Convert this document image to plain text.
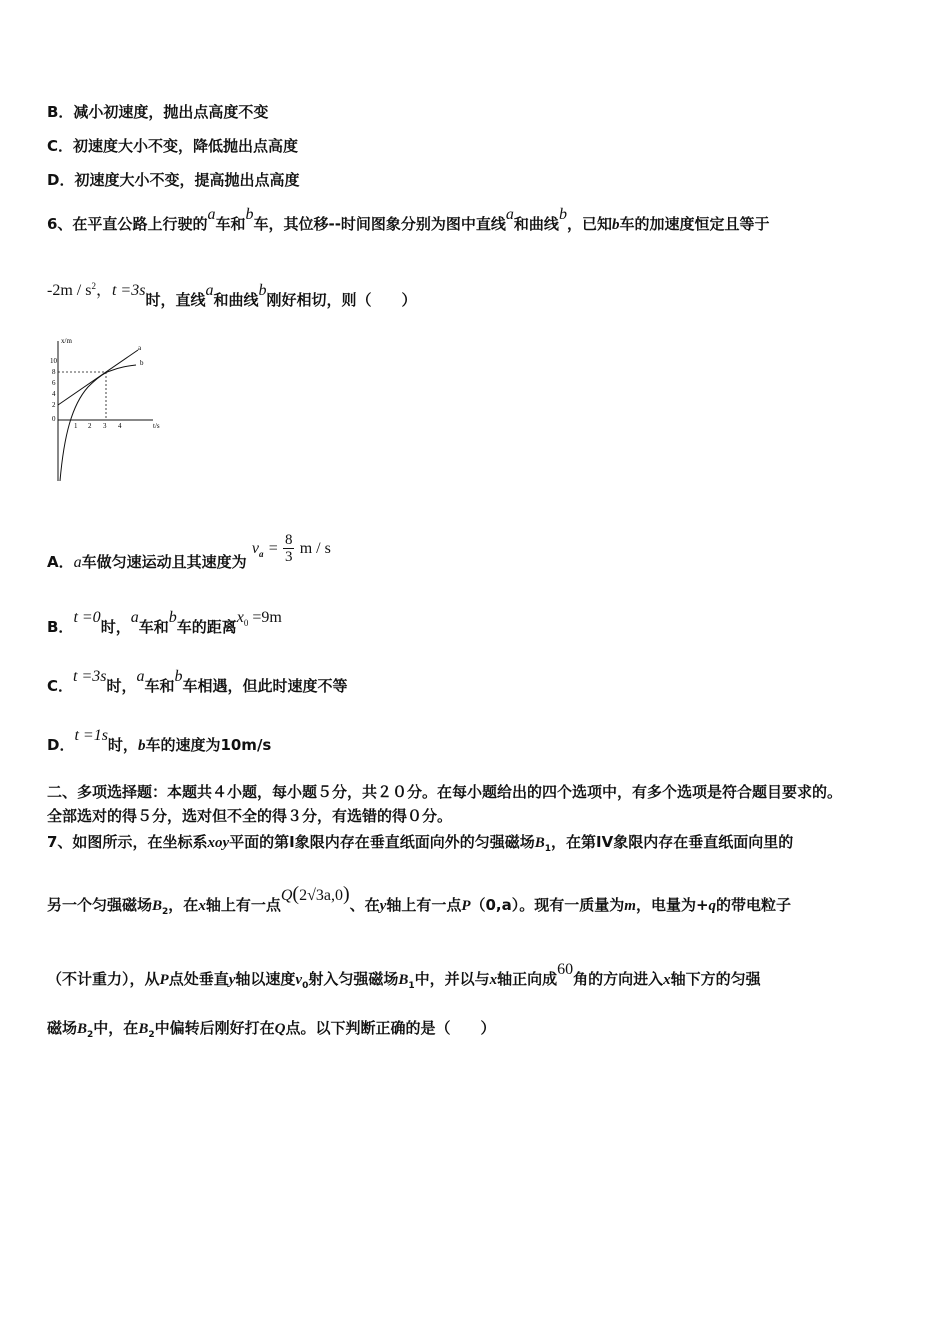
B．减小初速度，抛出点高度不变
C．初速度大小不变，降低抛出点高度
D．初速度大小不变，提高抛出点高度
6、在平直公路上行驶的a车和b车，其位移--时间图象分别为图中直线a和曲线b，已知b车的加速度恒定且等于
$-2m / s^2$，t =3s时，直线a和曲线b刚好相切，则（　　）
x/m
t/s
10
8
6
4
2
0
1 2 3 4
a
b
A．a车做匀速运动且其速度为 $v_a = \frac{8}{3}$ m / s
B．t =0时，a车和b车的距离$x_0 =9m$
C．t =3s时，a车和b车相遇，但此时速度不等
D．t =1s时，b车的速度为10m/s
二、多项选择题：本题共４小题，每小题５分，共２０分。在每小题给出的四个选项中，有多个选项是符合题目要求的。
全部选对的得５分，选对但不全的得３分，有选错的得０分。
7、如图所示，在坐标系xoy平面的第I象限内存在垂直纸面向外的匀强磁场$B_1$，在第IV象限内存在垂直纸面向里的
另一个匀强磁场$B_2$，在x轴上有一点Q(2√3a,0)、在y轴上有一点P（0,a）。现有一质量为m，电量为+q的带电粒子
（不计重力），从P点处垂直y轴以速度$v_0$射入匀强磁场$B_1$中，并以与x轴正向成60角的方向进入x轴下方的匀强
磁场$B_2$中，在$B_2$中偏转后刚好打在Q点。以下判断正确的是（　　）
